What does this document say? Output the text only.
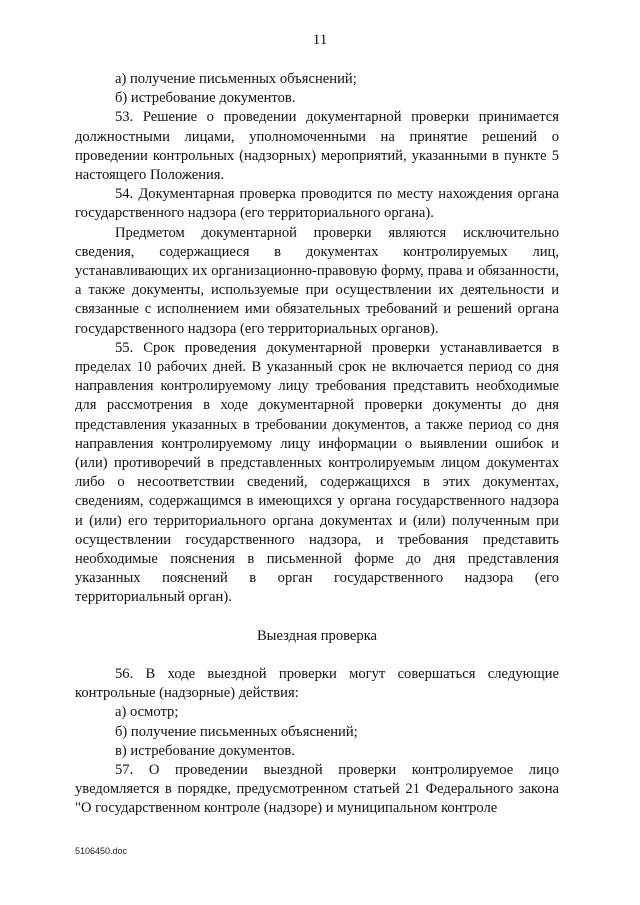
11

а) получение письменных объяснений;

б) истребование документов.

53. Решение о проведении документарной проверки принимается должностными лицами, уполномоченными на принятие решений о проведении контрольных (надзорных) мероприятий, указанными в пункте 5 настоящего Положения.

54. Документарная проверка проводится по месту нахождения органа государственного надзора (его территориального органа).

Предметом документарной проверки являются исключительно сведения, содержащиеся в документах контролируемых лиц, устанавливающих их организационно-правовую форму, права и обязанности, а также документы, используемые при осуществлении их деятельности и связанные с исполнением ими обязательных требований и решений органа государственного надзора (его территориальных органов).

55. Срок проведения документарной проверки устанавливается в пределах 10 рабочих дней. В указанный срок не включается период со дня направления контролируемому лицу требования представить необходимые для рассмотрения в ходе документарной проверки документы до дня представления указанных в требовании документов, а также период со дня направления контролируемому лицу информации о выявлении ошибок и (или) противоречий в представленных контролируемым лицом документах либо о несоответствии сведений, содержащихся в этих документах, сведениям, содержащимся в имеющихся у органа государственного надзора и (или) его территориального органа документах и (или) полученным при осуществлении государственного надзора, и требования представить необходимые пояснения в письменной форме до дня представления указанных пояснений в орган государственного надзора (его территориальный орган).

Выездная проверка

56. В ходе выездной проверки могут совершаться следующие контрольные (надзорные) действия:

а) осмотр;

б) получение письменных объяснений;

в) истребование документов.

57. О проведении выездной проверки контролируемое лицо уведомляется в порядке, предусмотренном статьей 21 Федерального закона "О государственном контроле (надзоре) и муниципальном контроле

5106450.doc
